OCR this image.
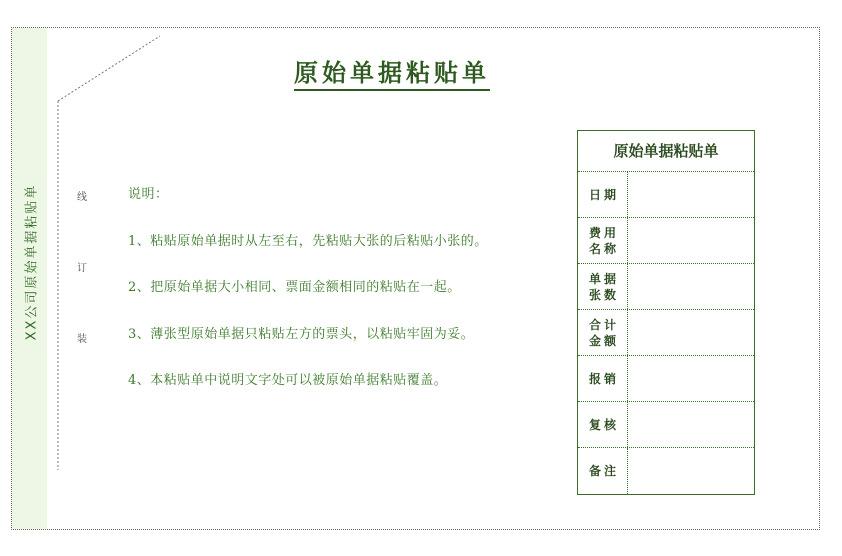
XX公司原始单据粘贴单	线
订
装
原始单据粘贴单
说明：
1、粘贴原始单据时从左至右，先粘贴大张的后粘贴小张的。
2、把原始单据大小相同、票面金额相同的粘贴在一起。
3、薄张型原始单据只粘贴左方的票头，以粘贴牢固为妥。
4、本粘贴单中说明文字处可以被原始单据粘贴覆盖。
原始单据粘贴单
日期
费用名称
单据张数
合计金额
报销
复核
备注
